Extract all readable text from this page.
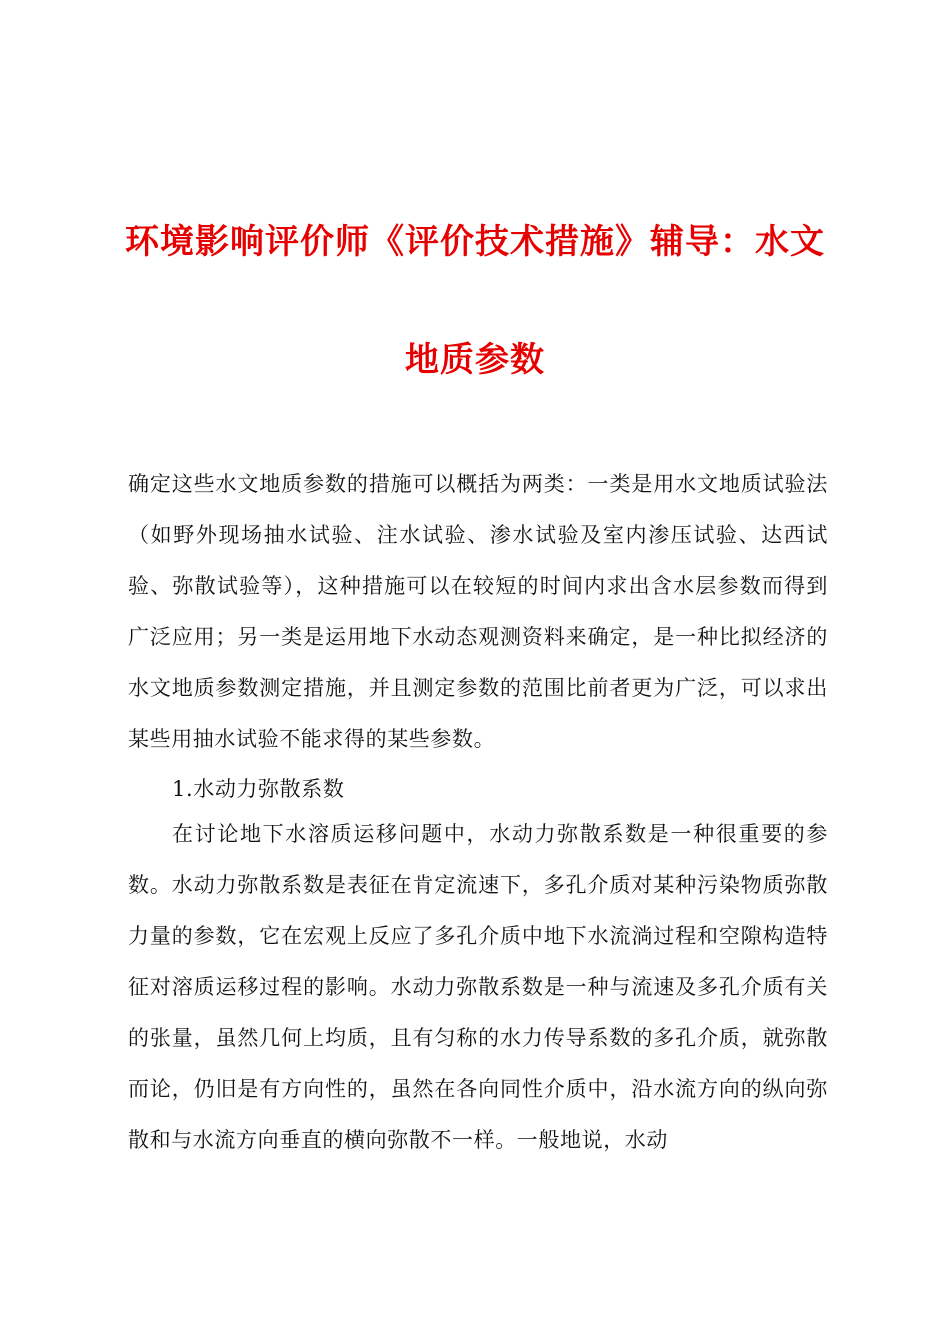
环境影响评价师《评价技术措施》辅导：水文
地质参数
确定这些水文地质参数的措施可以概括为两类：一类是用水文地质试验法（如野外现场抽水试验、注水试验、渗水试验及室内渗压试验、达西试验、弥散试验等），这种措施可以在较短的时间内求出含水层参数而得到广泛应用；另一类是运用地下水动态观测资料来确定，是一种比拟经济的水文地质参数测定措施，并且测定参数的范围比前者更为广泛，可以求出某些用抽水试验不能求得的某些参数。
1.水动力弥散系数
在讨论地下水溶质运移问题中，水动力弥散系数是一种很重要的参数。水动力弥散系数是表征在肯定流速下，多孔介质对某种污染物质弥散力量的参数，它在宏观上反应了多孔介质中地下水流淌过程和空隙构造特征对溶质运移过程的影响。水动力弥散系数是一种与流速及多孔介质有关的张量，虽然几何上均质，且有匀称的水力传导系数的多孔介质，就弥散而论，仍旧是有方向性的，虽然在各向同性介质中，沿水流方向的纵向弥散和与水流方向垂直的横向弥散不一样。一般地说，水动
